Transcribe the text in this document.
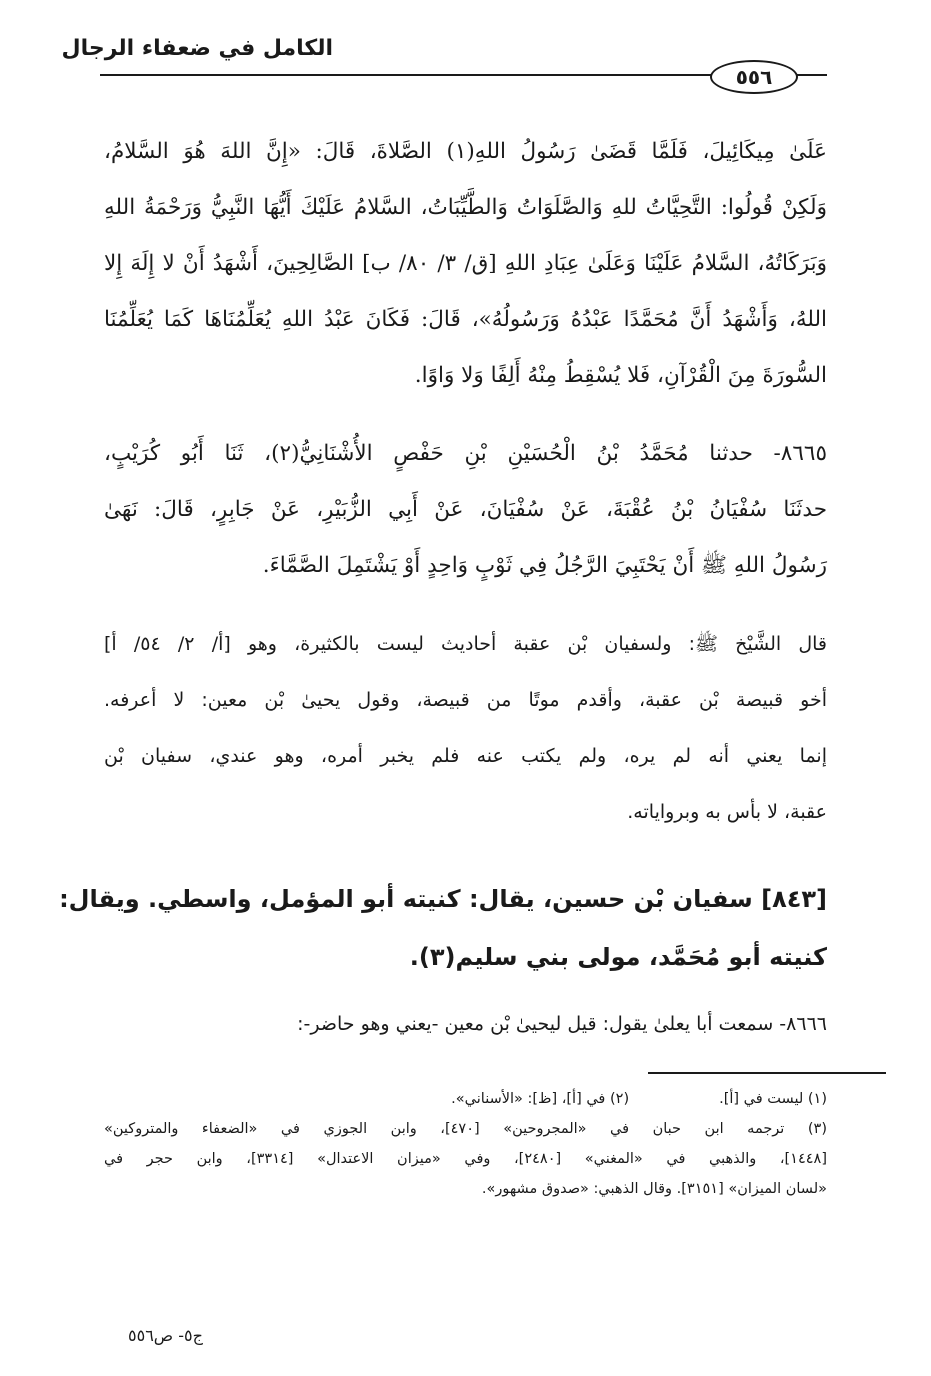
الكامل في ضعفاء الرجال
٥٥٦
عَلَىٰ مِيكَائِيلَ، فَلَمَّا قَضَىٰ رَسُولُ اللهِ(١) الصَّلاةَ، قَالَ: «إِنَّ اللهَ هُوَ السَّلامُ،
وَلَكِنْ قُولُوا: التَّحِيَّاتُ للهِ وَالصَّلَوَاتُ وَالطَّيِّبَاتُ، السَّلامُ عَلَيْكَ أَيُّهَا النَّبِيُّ وَرَحْمَةُ اللهِ
وَبَرَكَاتُهُ، السَّلامُ عَلَيْنَا وَعَلَىٰ عِبَادِ اللهِ [ق/ ٣/ ٨٠/ ب] الصَّالِحِينَ، أَشْهَدُ أَنْ لا إِلَهَ إِلا
اللهُ، وَأَشْهَدُ أَنَّ مُحَمَّدًا عَبْدُهُ وَرَسُولُهُ»، قَالَ: فَكَانَ عَبْدُ اللهِ يُعَلِّمُنَاهَا كَمَا يُعَلِّمُنَا
السُّورَةَ مِنَ الْقُرْآنِ، فَلا يُسْقِطُ مِنْهُ أَلِفًا وَلا وَاوًا.
٨٦٦٥- حدثنا مُحَمَّدُ بْنُ الْحُسَيْنِ بْنِ حَفْصٍ الأُشْنَانِيُّ(٢)، ثَنَا أَبُو كُرَيْبٍ،
حدثَنَا سُفْيَانُ بْنُ عُقْبَةَ، عَنْ سُفْيَانَ، عَنْ أَبِي الزُّبَيْرِ، عَنْ جَابِرٍ، قَالَ: نَهَىٰ
رَسُولُ اللهِ ﷺ أَنْ يَحْتَبِيَ الرَّجُلُ فِي ثَوْبٍ وَاحِدٍ أَوْ يَشْتَمِلَ الصَّمَّاءَ.
قال الشَّيْخ ﷺ: ولسفيان بْن عقبة أحاديث ليست بالكثيرة، وهو [أ/ ٢/ ٥٤/ أ]
أخو قبيصة بْن عقبة، وأقدم موتًا من قبيصة، وقول يحيىٰ بْن معين: لا أعرفه.
إنما يعني أنه لم يره، ولم يكتب عنه فلم يخبر أمره، وهو عندي، سفيان بْن
عقبة، لا بأس به وبرواياته.
[٨٤٣] سفيان بْن حسين، يقال: كنيته أبو المؤمل، واسطي. ويقال:
كنيته أبو مُحَمَّد، مولى بني سليم(٣).
٨٦٦٦- سمعت أبا يعلىٰ يقول: قيل ليحيىٰ بْن معين -يعني وهو حاضر-:
(١) ليست في [أ].
(٢) في [أ]، [ظ]: «الأسناني».
(٣) ترجمه ابن حبان في «المجروحين» [٤٧٠]، وابن الجوزي في «الضعفاء والمتروكين»
[١٤٤٨]، والذهبي في «المغني» [٢٤٨٠]، وفي «ميزان الاعتدال» [٣٣١٤]، وابن حجر في
«لسان الميزان» [٣١٥١]. وقال الذهبي: «صدوق مشهور».
ج٥- ص٥٥٦
